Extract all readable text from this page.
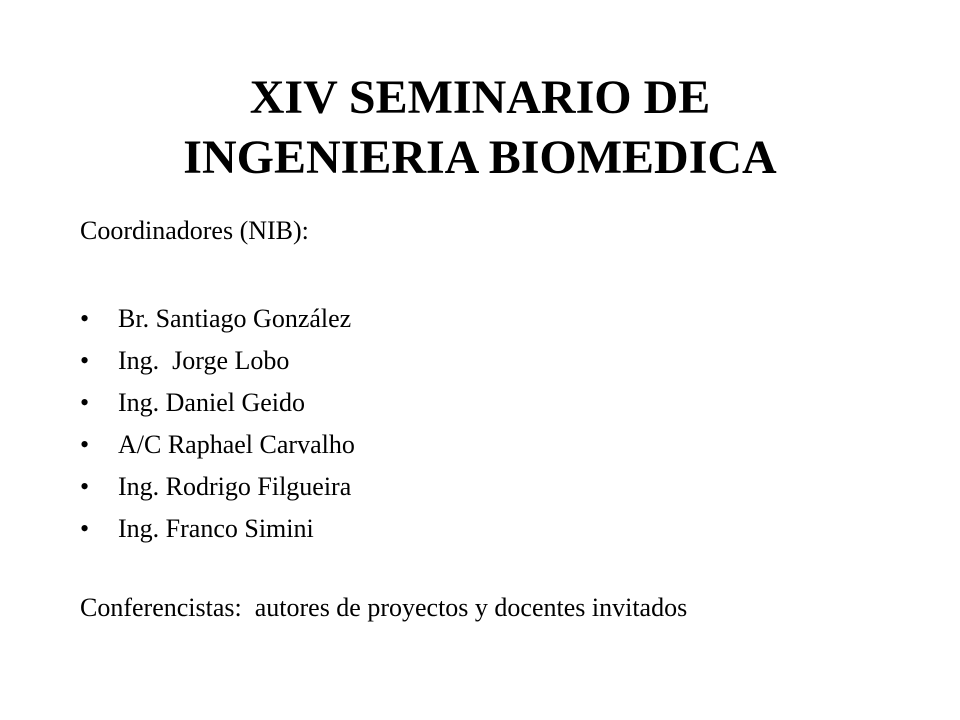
XIV SEMINARIO DE
INGENIERIA BIOMEDICA

Coordinadores (NIB):

• Br. Santiago González
• Ing.  Jorge Lobo
• Ing. Daniel Geido
• A/C Raphael Carvalho
• Ing. Rodrigo Filgueira
• Ing. Franco Simini

Conferencistas:  autores de proyectos y docentes invitados
